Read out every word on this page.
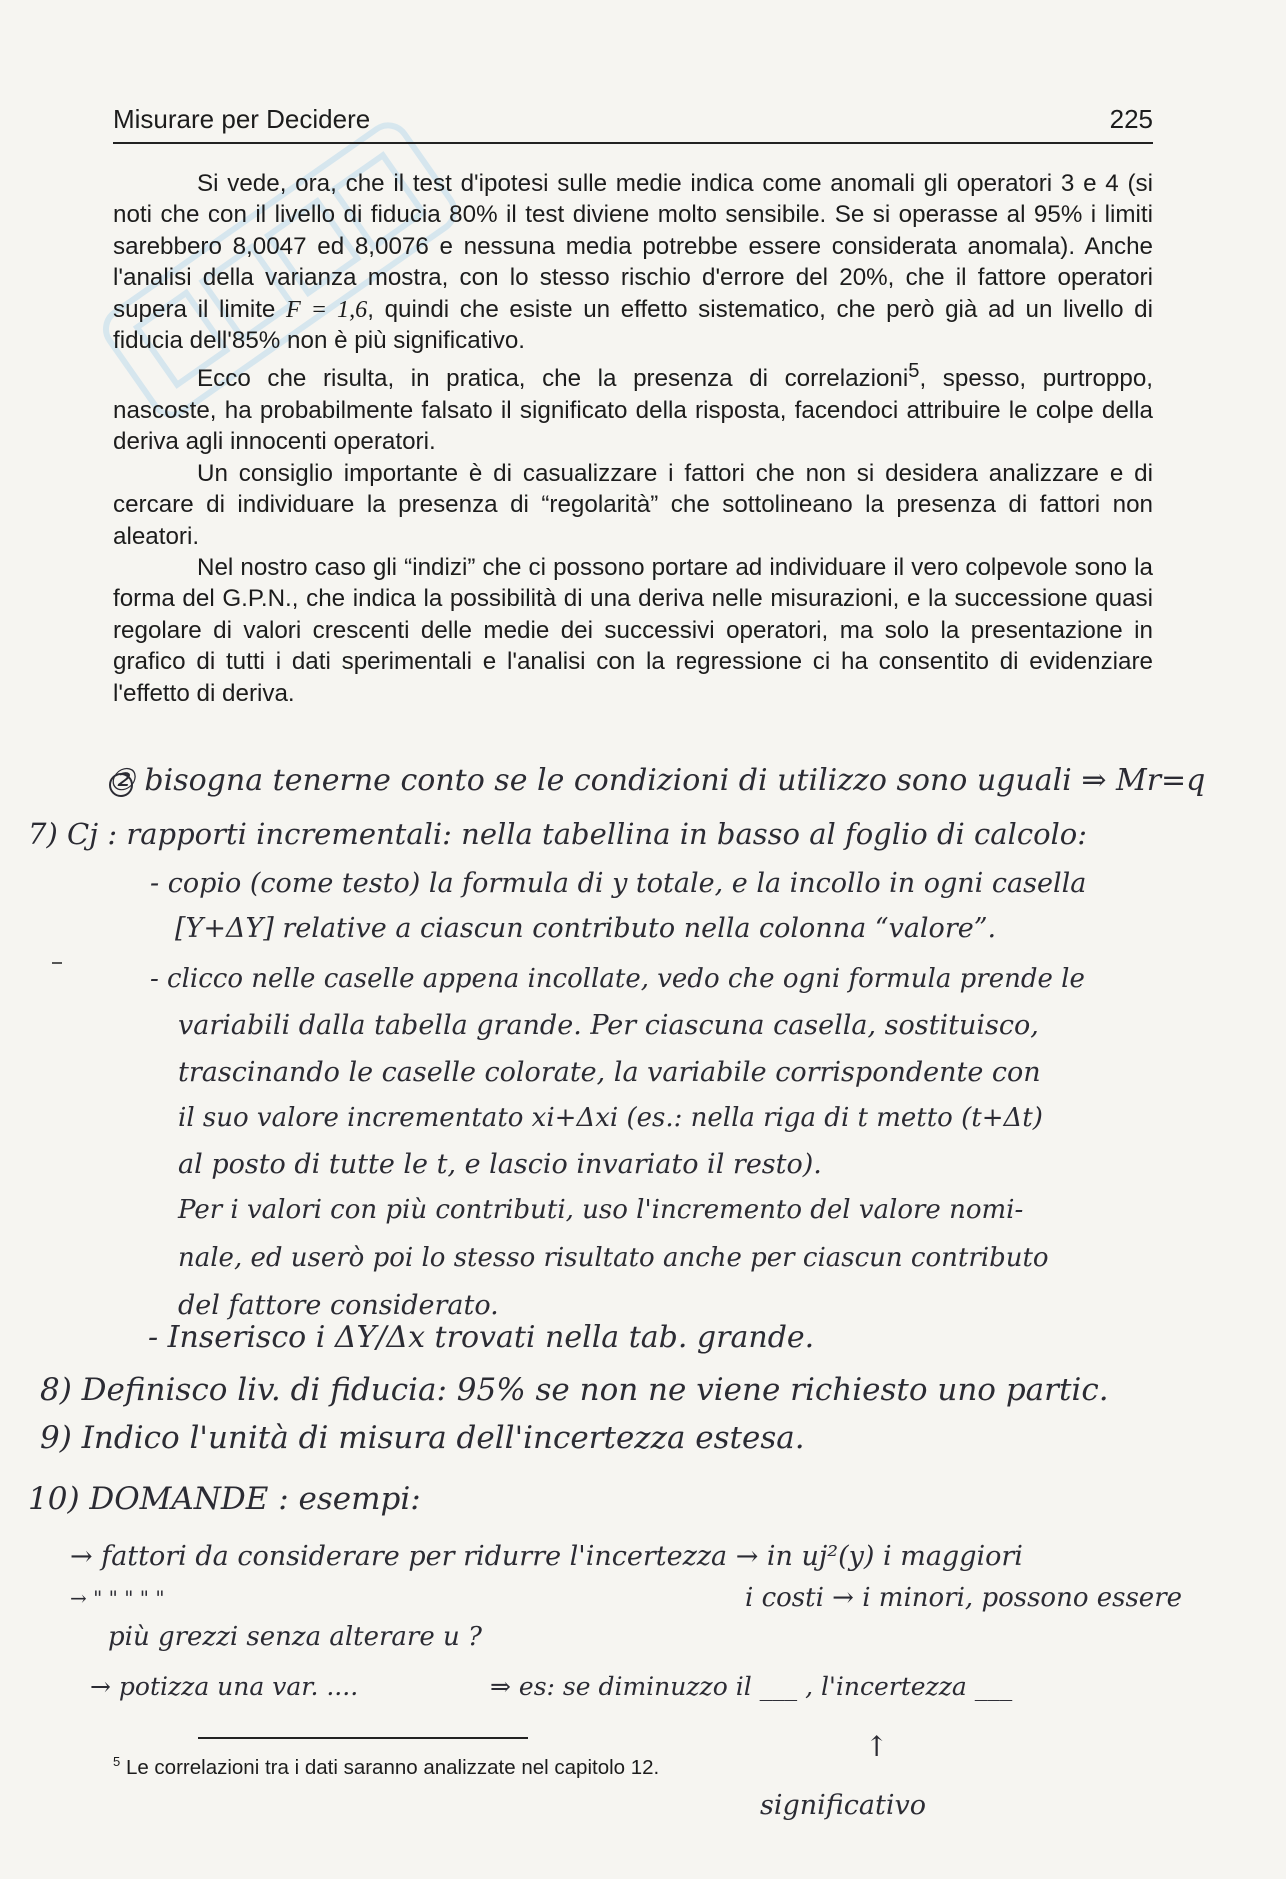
Misurare per Decidere	225

Si vede, ora, che il test d'ipotesi sulle medie indica come anomali gli operatori 3 e 4 (si noti che con il livello di fiducia 80% il test diviene molto sensibile. Se si operasse al 95% i limiti sarebbero 8,0047 ed 8,0076 e nessuna media potrebbe essere considerata anomala). Anche l'analisi della varianza mostra, con lo stesso rischio d'errore del 20%, che il fattore operatori supera il limite F = 1,6, quindi che esiste un effetto sistematico, che però già ad un livello di fiducia dell'85% non è più significativo.

Ecco che risulta, in pratica, che la presenza di correlazioni$^5$, spesso, purtroppo, nascoste, ha probabilmente falsato il significato della risposta, facendoci attribuire le colpe della deriva agli innocenti operatori.

Un consiglio importante è di casualizzare i fattori che non si desidera analizzare e di cercare di individuare la presenza di “regolarità” che sottolineano la presenza di fattori non aleatori.

Nel nostro caso gli “indizi” che ci possono portare ad individuare il vero colpevole sono la forma del G.P.N., che indica la possibilità di una deriva nelle misurazioni, e la successione quasi regolare di valori crescenti delle medie dei successivi operatori, ma solo la presentazione in grafico di tutti i dati sperimentali e l'analisi con la regressione ci ha consentito di evidenziare l'effetto di deriva.

② bisogna tenerne conto se le condizioni di utilizzo sono uguali ⇒ Mr=q
7) Cj : rapporti incrementali: nella tabellina in basso al foglio di calcolo:
- copio (come testo) la formula di y totale, e la incollo in ogni casella
[Y+ΔY] relative a ciascun contributo nella colonna “valore”.
- clicco nelle caselle appena incollate, vedo che ogni formula prende le
variabili dalla tabella grande. Per ciascuna casella, sostituisco,
trascinando le caselle colorate, la variabile corrispondente con
il suo valore incrementato xi+Δxi (es.: nella riga di t metto (t+Δt)
al posto di tutte le t, e lascio invariato il resto).
Per i valori con più contributi, uso l'incremento del valore nomi-
nale, ed userò poi lo stesso risultato anche per ciascun contributo
del fattore considerato.
- Inserisco i ΔY/Δx trovati nella tab. grande.
8) Definisco liv. di fiducia: 95% se non ne viene richiesto uno partic.
9) Indico l'unità di misura dell'incertezza estesa.
10) DOMANDE : esempi:
→ fattori da considerare per ridurre l'incertezza → in uj²(y) i maggiori
→ " " " " "	i costi → i minori, possono essere
più grezzi senza alterare u ?
→ potizza una var. ....	⇒ es: se diminuzzo il ___ , l'incertezza ___
↑
significativo
$^5$ Le correlazioni tra i dati saranno analizzate nel capitolo 12.
